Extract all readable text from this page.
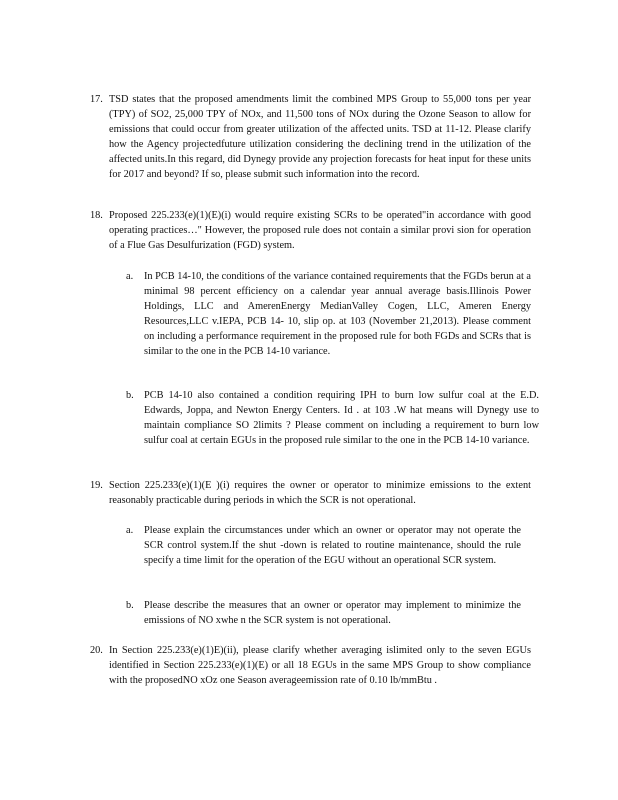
17. TSD states that the proposed amendments limit the combined MPS Group to 55,000 tons per year (TPY) of SO2, 25,000 TPY of NOx, and 11,500 tons of NOx during the Ozone Season to allow for emissions that could occur from greater utilization of the affected units. TSD at 11-12. Please clarify how the Agency projectedfuture utilization considering the declining trend in the utilization of the affected units.In this regard, did Dynegy provide any projection forecasts for heat input for these units for 2017 and beyond? If so, please submit such information into the record.
18. Proposed 225.233(e)(1)(E)(i) would require existing SCRs to be operated"in accordance with good operating practices…" However, the proposed rule does not contain a similar provi sion for operation of a Flue Gas Desulfurization (FGD) system.
a. In PCB 14-10, the conditions of the variance contained requirements that the FGDs berun at a minimal 98 percent efficiency on a calendar year annual average basis.Illinois Power Holdings, LLC and AmerenEnergy MedianValley Cogen, LLC, Ameren Energy Resources,LLC v.IEPA, PCB 14- 10, slip op. at 103 (November 21,2013). Please comment on including a performance requirement in the proposed rule for both FGDs and SCRs that is similar to the one in the PCB 14-10 variance.
b. PCB 14-10 also contained a condition requiring IPH to burn low sulfur coal at the E.D. Edwards, Joppa, and Newton Energy Centers. Id . at 103 .W hat means will Dynegy use to maintain compliance SO 2limits ? Please comment on including a requirement to burn low sulfur coal at certain EGUs in the proposed rule similar to the one in the PCB 14-10 variance.
19. Section 225.233(e)(1)(E )(i) requires the owner or operator to minimize emissions to the extent reasonably practicable during periods in which the SCR is not operational.
a. Please explain the circumstances under which an owner or operator may not operate the SCR control system.If the shut -down is related to routine maintenance, should the rule specify a time limit for the operation of the EGU without an operational SCR system.
b. Please describe the measures that an owner or operator may implement to minimize the emissions of NO xwhe n the SCR system is not operational.
20. In Section 225.233(e)(1)E)(ii), please clarify whether averaging islimited only to the seven EGUs identified in Section 225.233(e)(1)(E) or all 18 EGUs in the same MPS Group to show compliance with the proposedNO xOz one Season averageemission rate of 0.10 lb/mmBtu .
